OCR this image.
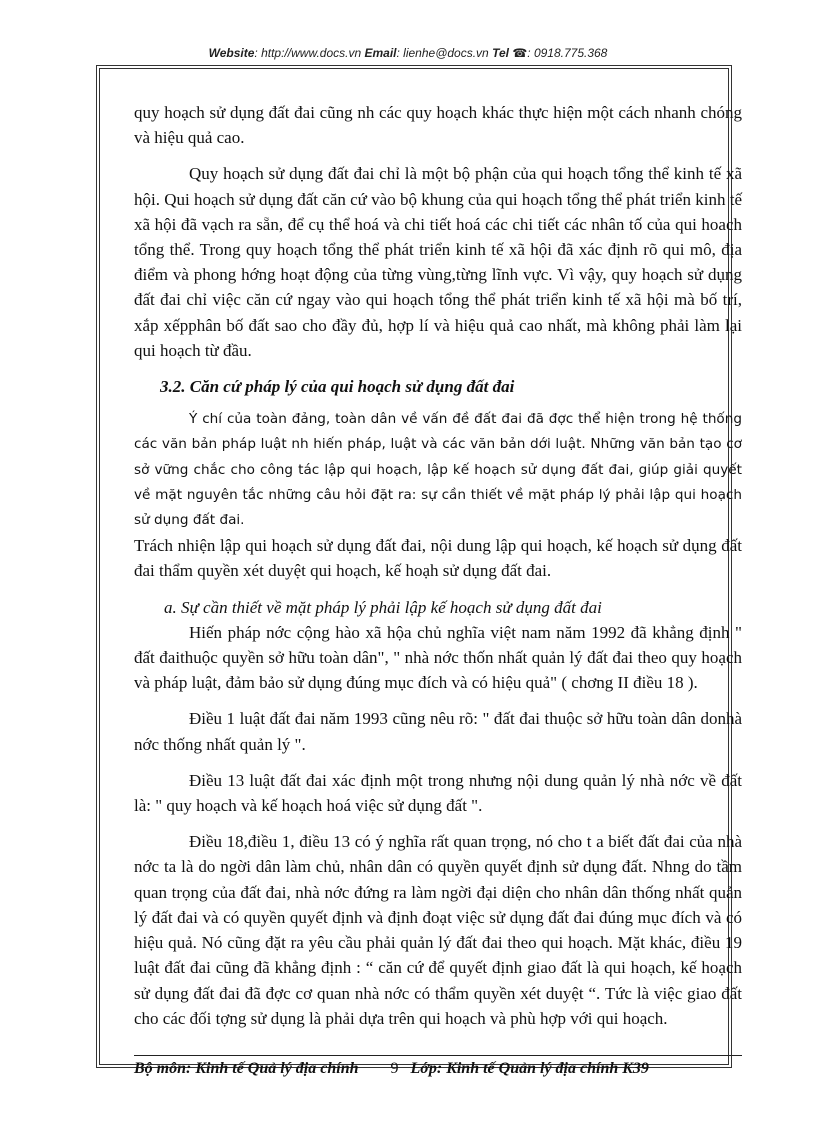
Website: http://www.docs.vn Email: lienhe@docs.vn Tel ☎: 0918.775.368

quy hoạch sử dụng đất đai cũng nh các quy hoạch khác thực hiện một cách nhanh chóng và hiệu quả cao.

Quy hoạch sử dụng đất đai chỉ là một bộ phận của qui hoạch tổng thể kinh tế xã hội. Qui hoạch sử dụng đất căn cứ vào bộ khung của qui hoạch tổng thể phát triển kinh tế xã hội đã vạch ra sẵn, để cụ thể hoá và chi tiết hoá các chi tiết các nhân tố của qui hoach tổng thể. Trong quy hoạch tổng thể phát triển kinh tế xã hội đã xác định rõ qui mô, địa điểm và phong hớng hoạt động của từng vùng,từng lĩnh vực. Vì vậy, quy hoạch sử dụng đất đai chỉ việc căn cứ ngay vào qui hoạch tổng thể phát triển kinh tế xã hội mà bố trí, xắp xếpphân bố đất sao cho đầy đủ, hợp lí và hiệu quả cao nhất, mà không phải làm lại qui hoạch từ đầu.

3.2. Căn cứ pháp lý của qui hoạch sử dụng đất đai

Ý chí của toàn đảng, toàn dân về vấn đề đất đai đã đợc thể hiện trong hệ thống các văn bản pháp luật nh hiến pháp, luật và các văn bản dới luật. Những văn bản tạo cơ sở vững chắc cho công tác lập qui hoạch, lập kế hoạch sử dụng đất đai, giúp giải quyết về mặt nguyên tắc những câu hỏi đặt ra: sự cần thiết về mặt pháp lý phải lập qui hoạch sử dụng đất đai.

Trách nhiện lập qui hoạch sử dụng đất đai, nội dung lập qui hoạch, kế hoạch sử dụng đất đai thẩm quyền xét duyệt qui hoạch, kế hoạh sử dụng đất đai.

a. Sự cần thiết về mặt pháp lý phải lập kế hoạch sử dụng đất đai

Hiến pháp nớc cộng hào xã hộa chủ nghĩa việt nam năm 1992 đã khẳng định " đất đaithuộc quyền sở hữu toàn dân", " nhà nớc thốn nhất quản lý đất đai theo quy hoạch và pháp luật, đảm bảo sử dụng đúng mục đích và có hiệu quả" ( chơng II điều 18 ).

Điều 1 luật đất đai năm 1993 cũng nêu rõ: " đất đai thuộc sở hữu toàn dân donhà nớc thống nhất quản lý ".

Điều 13 luật đất đai xác định một trong nhưng nội dung quản lý nhà nớc về đất là: " quy hoạch và kế hoạch hoá việc sử dụng đất ".

Điều 18,điều 1, điều 13 có ý nghĩa rất quan trọng, nó cho t a biết đất đai của nhà nớc ta là do ngời dân làm chủ, nhân dân có quyền quyết định sử dụng đất. Nhng do tầm quan trọng của đất đai, nhà nớc đứng ra làm ngời đại diện cho nhân dân thống nhất quản lý đất đai và có quyền quyết định và định đoạt việc sử dụng đất đai đúng mục đích và có hiệu quả. Nó cũng đặt ra yêu cầu phải quản lý đất đai theo qui hoạch. Mặt khác, điều 19 luật đất đai cũng đã khẳng định : “ căn cứ để quyết định giao đất là qui hoạch, kế hoạch sử dụng đất đai đã đợc cơ quan nhà nớc có thẩm quyền xét duyệt “. Tức là việc giao đất cho các đối tợng sử dụng là phải dựa trên qui hoạch và phù hợp với qui hoạch.

Bộ môn: Kinh tế Quả lý địa chính 9 Lớp: Kinh tế Quản lý địa chính K39
